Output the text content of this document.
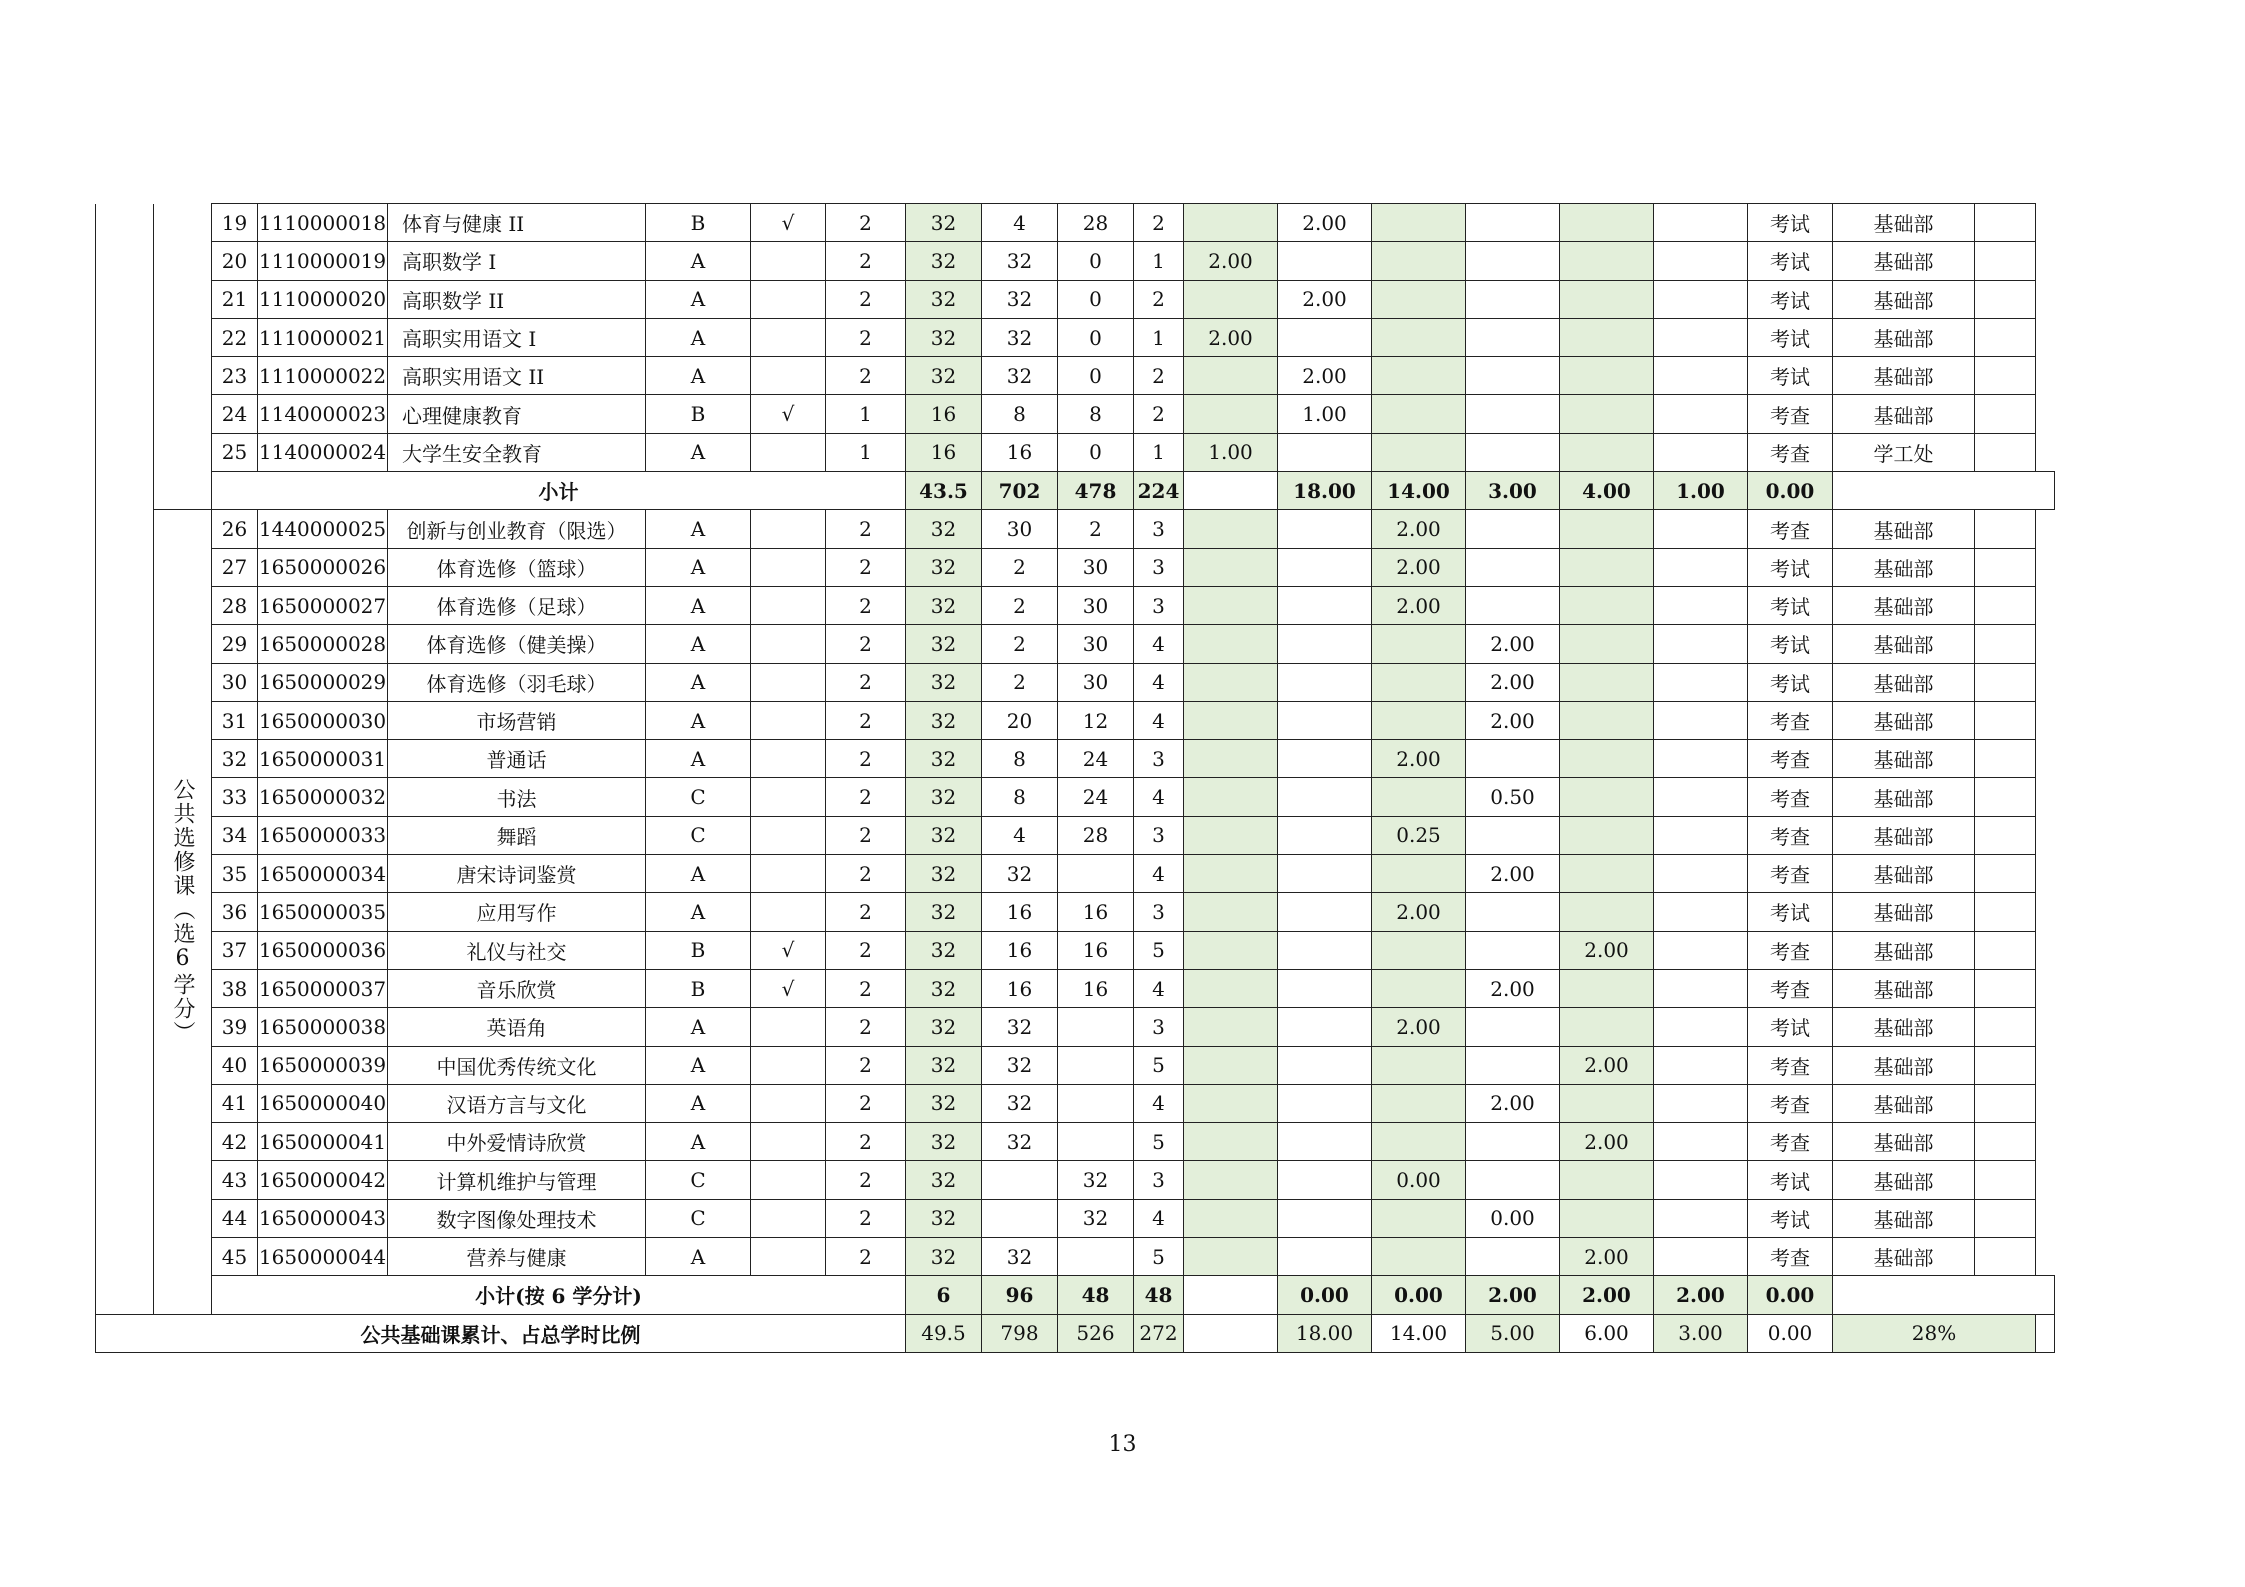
		19	1110000018	体育与健康 II	B	√	2	32	4	28	2		2.00					考试	基础部		
		20	1110000019	高职数学 I	A		2	32	32	0	1	2.00						考试	基础部		
		21	1110000020	高职数学 II	A		2	32	32	0	2		2.00					考试	基础部		
		22	1110000021	高职实用语文 I	A		2	32	32	0	1	2.00						考试	基础部		
		23	1110000022	高职实用语文 II	A		2	32	32	0	2		2.00					考试	基础部		
		24	1140000023	心理健康教育	B	√	1	16	8	8	2		1.00					考查	基础部		
		25	1140000024	大学生安全教育	A		1	16	16	0	1	1.00						考查	学工处		
		小计						43.5	702	478	224		18.00	14.00	3.00	4.00	1.00	0.00			
	公共选修课（选6学分）	26	1440000025	创新与创业教育（限选）	A		2	32	30	2	3			2.00				考查	基础部		
		27	1650000026	体育选修（篮球）	A		2	32	2	30	3			2.00				考试	基础部		
		28	1650000027	体育选修（足球）	A		2	32	2	30	3			2.00				考试	基础部		
		29	1650000028	体育选修（健美操）	A		2	32	2	30	4				2.00			考试	基础部		
		30	1650000029	体育选修（羽毛球）	A		2	32	2	30	4				2.00			考试	基础部		
		31	1650000030	市场营销	A		2	32	20	12	4				2.00			考查	基础部		
		32	1650000031	普通话	A		2	32	8	24	3			2.00				考查	基础部		
		33	1650000032	书法	C		2	32	8	24	4				0.50			考查	基础部		
		34	1650000033	舞蹈	C		2	32	4	28	3			0.25				考查	基础部		
		35	1650000034	唐宋诗词鉴赏	A		2	32	32		4				2.00			考查	基础部		
		36	1650000035	应用写作	A		2	32	16	16	3			2.00				考试	基础部		
		37	1650000036	礼仪与社交	B	√	2	32	16	16	5					2.00		考查	基础部		
		38	1650000037	音乐欣赏	B	√	2	32	16	16	4				2.00			考查	基础部		
		39	1650000038	英语角	A		2	32	32		3			2.00				考试	基础部		
		40	1650000039	中国优秀传统文化	A		2	32	32		5					2.00		考查	基础部		
		41	1650000040	汉语方言与文化	A		2	32	32		4				2.00			考查	基础部		
		42	1650000041	中外爱情诗欣赏	A		2	32	32		5					2.00		考查	基础部		
		43	1650000042	计算机维护与管理	C		2	32		32	3			0.00				考试	基础部		
		44	1650000043	数字图像处理技术	C		2	32		32	4				0.00			考试	基础部		
		45	1650000044	营养与健康	A		2	32	32		5					2.00		考查	基础部		
		小计(按 6 学分计)						6	96	48	48		0.00	0.00	2.00	2.00	2.00	0.00			
公共基础课累计、占总学时比例								49.5	798	526	272		18.00	14.00	5.00	6.00	3.00	0.00	28%		
13
